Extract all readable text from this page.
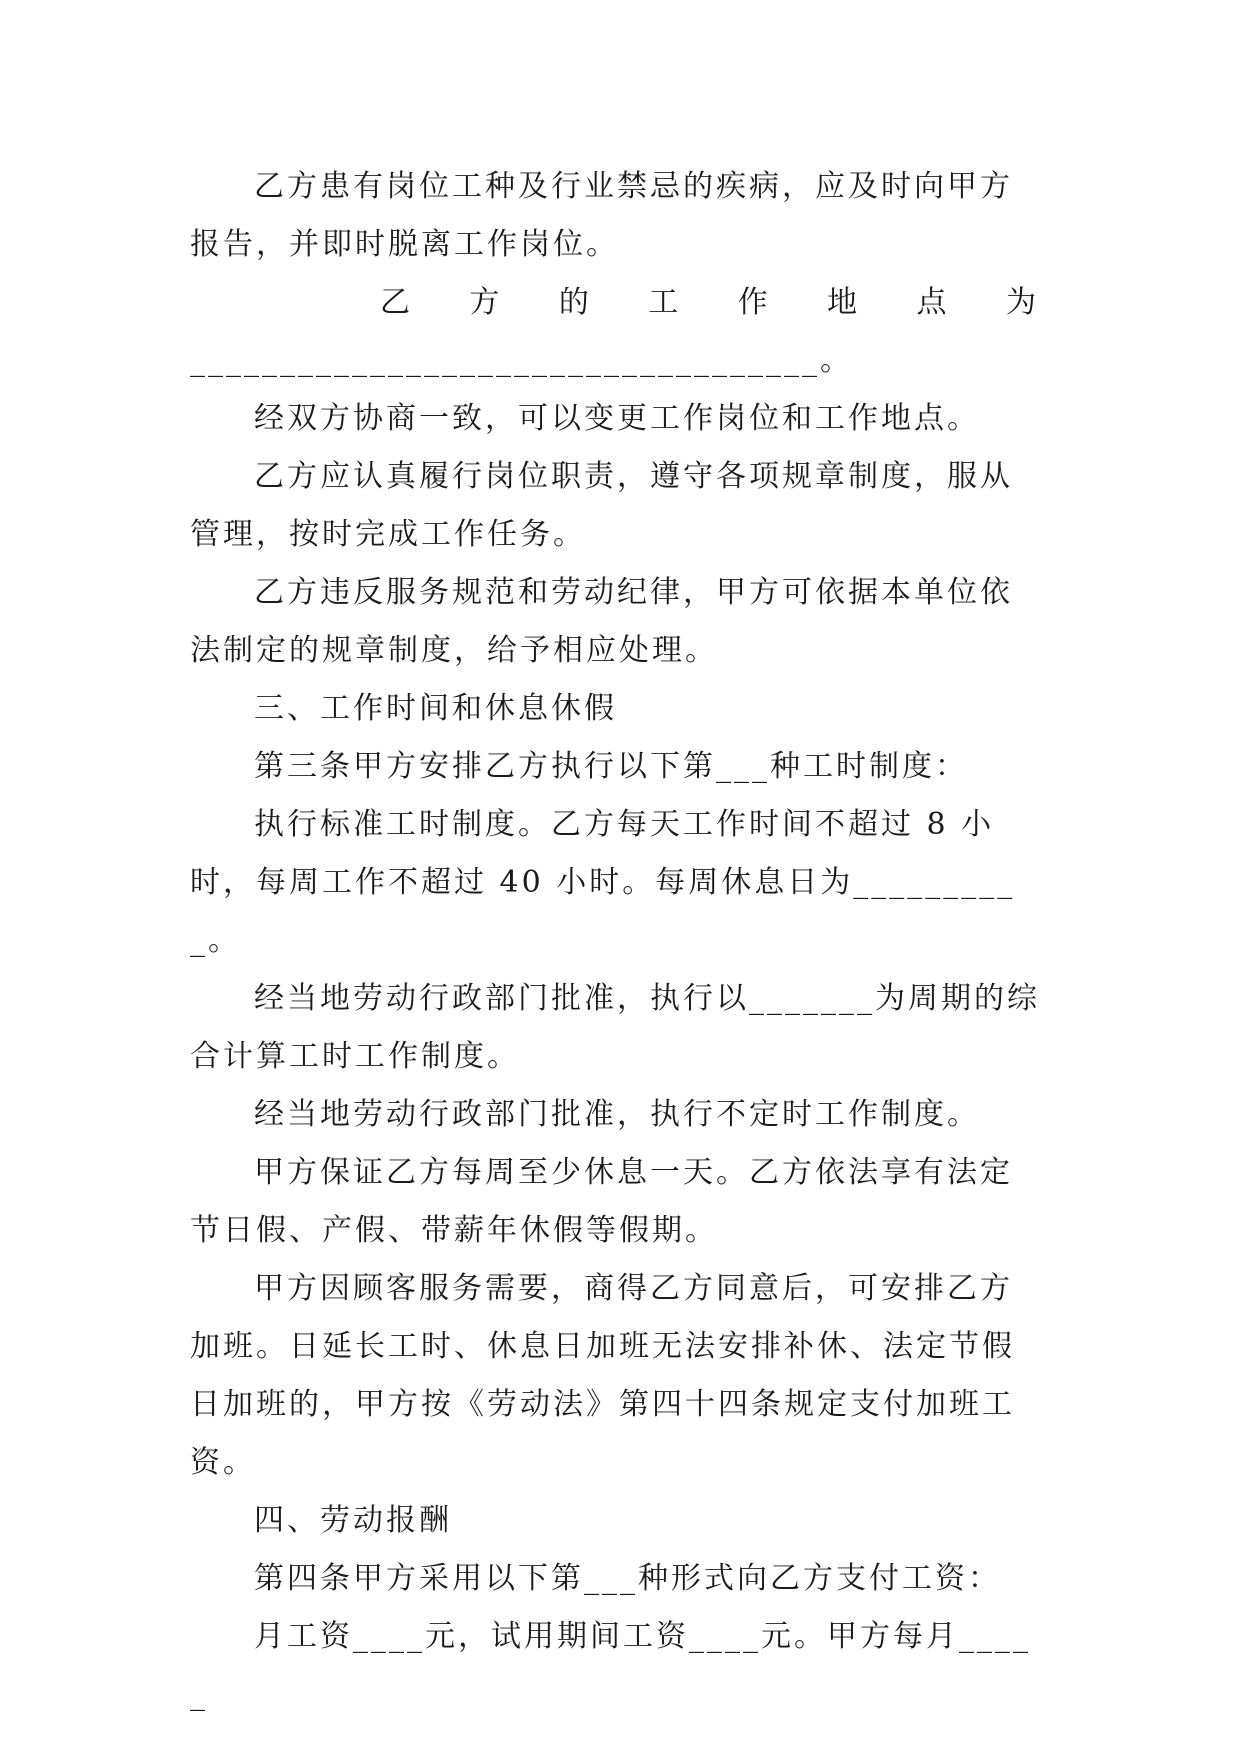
乙方患有岗位工种及行业禁忌的疾病，应及时向甲方报告，并即时脱离工作岗位。

乙 方 的 工 作 地 点 为

___________________________________。

经双方协商一致，可以变更工作岗位和工作地点。

乙方应认真履行岗位职责，遵守各项规章制度，服从管理，按时完成工作任务。

乙方违反服务规范和劳动纪律，甲方可依据本单位依法制定的规章制度，给予相应处理。

三、工作时间和休息休假

第三条甲方安排乙方执行以下第___种工时制度：

执行标准工时制度。乙方每天工作时间不超过 8 小时，每周工作不超过 40 小时。每周休息日为__________。

经当地劳动行政部门批准，执行以_______为周期的综合计算工时工作制度。

经当地劳动行政部门批准，执行不定时工作制度。

甲方保证乙方每周至少休息一天。乙方依法享有法定节日假、产假、带薪年休假等假期。

甲方因顾客服务需要，商得乙方同意后，可安排乙方加班。日延长工时、休息日加班无法安排补休、法定节假日加班的，甲方按《劳动法》第四十四条规定支付加班工资。

四、劳动报酬

第四条甲方采用以下第___种形式向乙方支付工资：

月工资____元，试用期间工资____元。甲方每月_____
